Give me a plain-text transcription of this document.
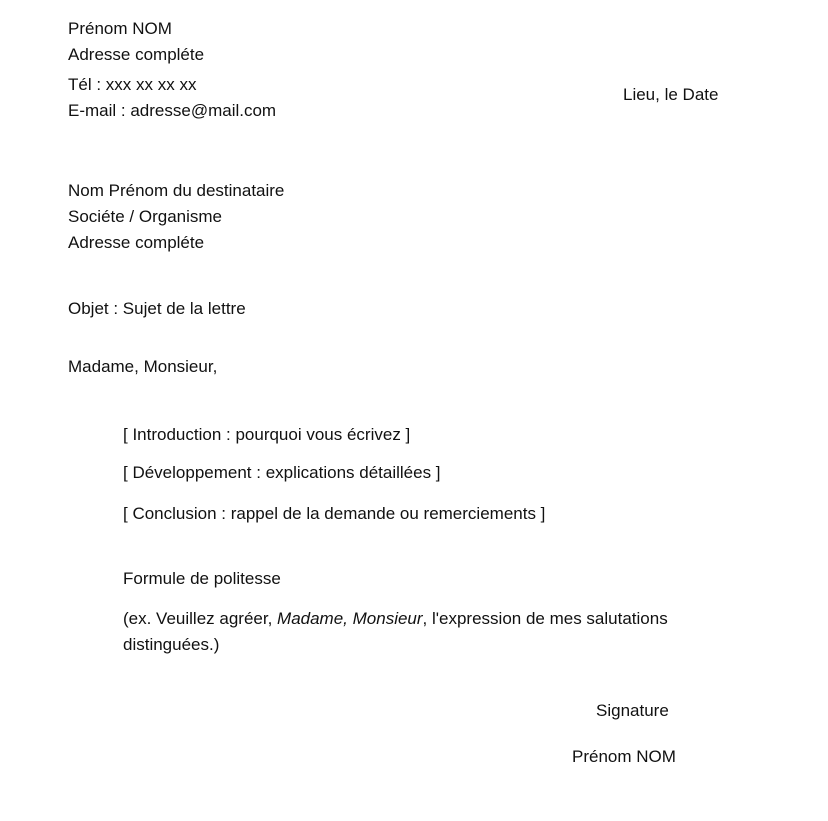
Prénom NOM
Adresse compléte
Tél : xxx xx xx xx
E-mail : adresse@mail.com
Lieu, le Date
Nom Prénom du destinataire
Sociéte / Organisme
Adresse compléte
Objet : Sujet de la lettre
Madame, Monsieur,
[ Introduction : pourquoi vous écrivez ]
[ Développement : explications détaillées ]
[ Conclusion : rappel de la demande ou remerciements ]
Formule de politesse
(ex. Veuillez agréer, Madame, Monsieur, l'expression de mes salutations distinguées.)
Signature
Prénom NOM
